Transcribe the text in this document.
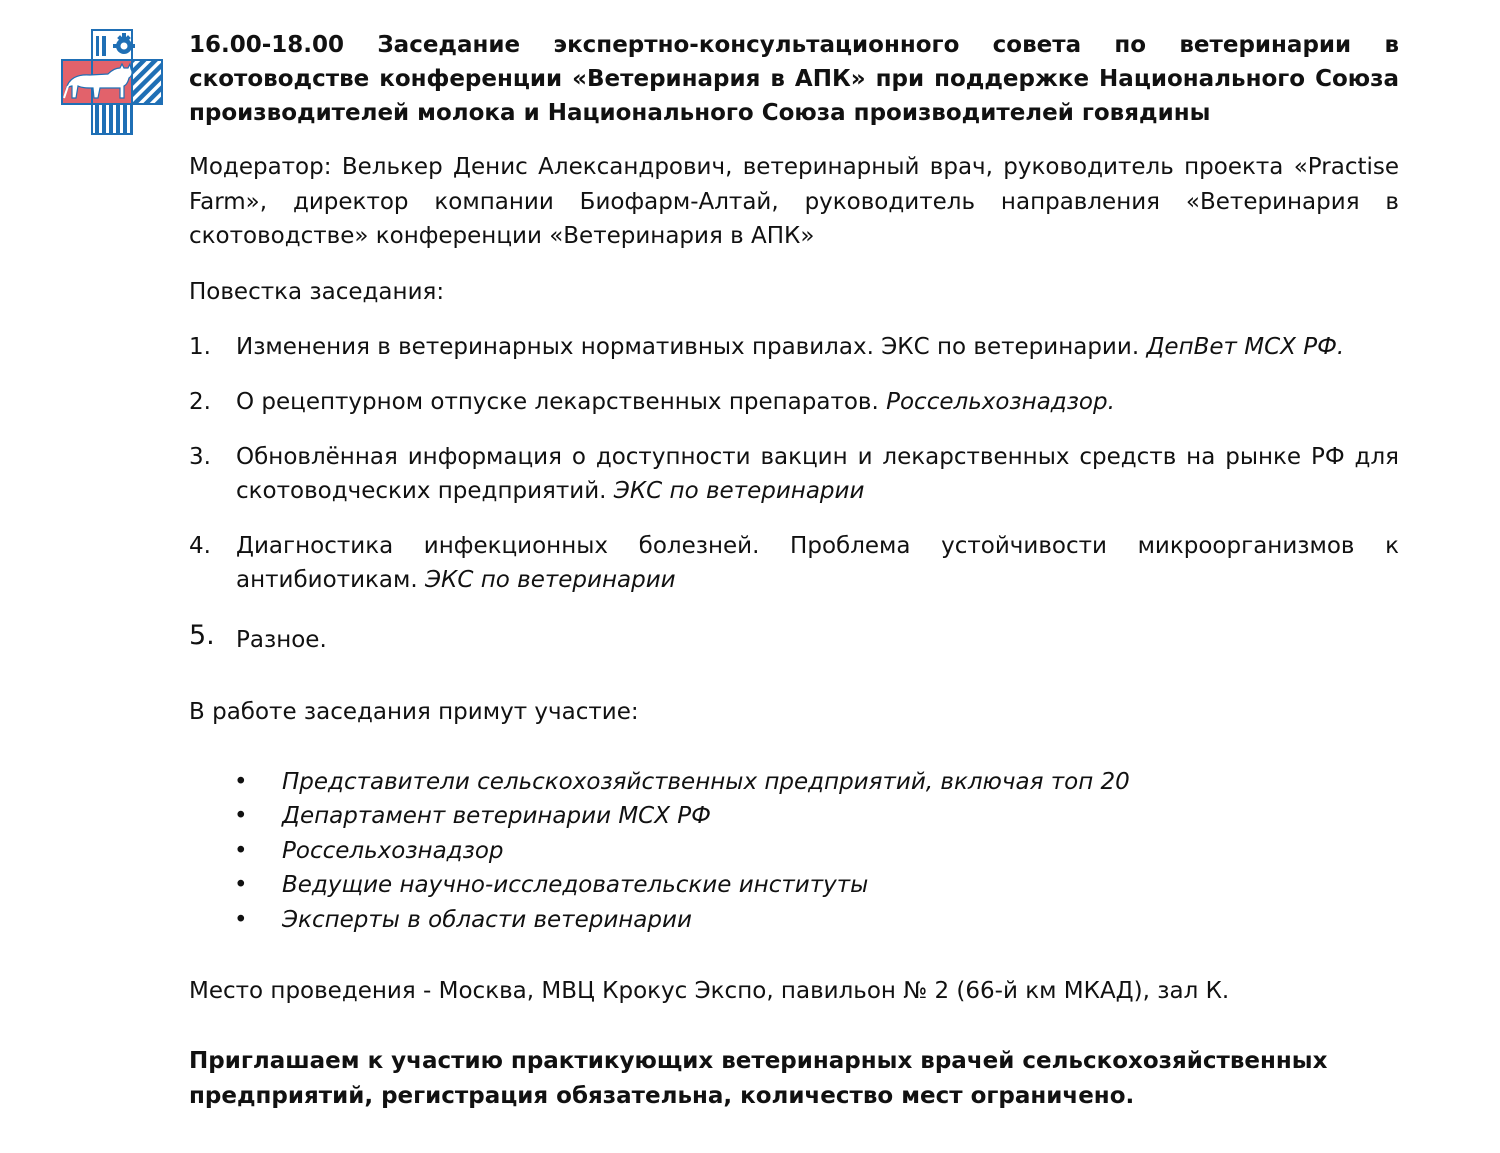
16.00-18.00 Заседание экспертно-консультационного совета по ветеринарии в скотоводстве конференции «Ветеринария в АПК» при поддержке Национального Союза производителей молока и Национального Союза производителей говядины

Модератор: Велькер Денис Александрович, ветеринарный врач, руководитель проекта «Practise Farm», директор компании Биофарм-Алтай, руководитель направления «Ветеринария в скотоводстве» конференции «Ветеринария в АПК»

Повестка заседания:

1. Изменения в ветеринарных нормативных правилах. ЭКС по ветеринарии. ДепВет МСХ РФ.
2. О рецептурном отпуске лекарственных препаратов. Россельхознадзор.
3. Обновлённая информация о доступности вакцин и лекарственных средств на рынке РФ для скотоводческих предприятий. ЭКС по ветеринарии
4. Диагностика инфекционных болезней. Проблема устойчивости микроорганизмов к антибиотикам. ЭКС по ветеринарии
5. Разное.

В работе заседания примут участие:

• Представители сельскохозяйственных предприятий, включая топ 20
• Департамент ветеринарии МСХ РФ
• Россельхознадзор
• Ведущие научно-исследовательские институты
• Эксперты в области ветеринарии

Место проведения - Москва, МВЦ Крокус Экспо, павильон № 2 (66-й км МКАД), зал К.

Приглашаем к участию практикующих ветеринарных врачей сельскохозяйственных предприятий, регистрация обязательна, количество мест ограничено.
